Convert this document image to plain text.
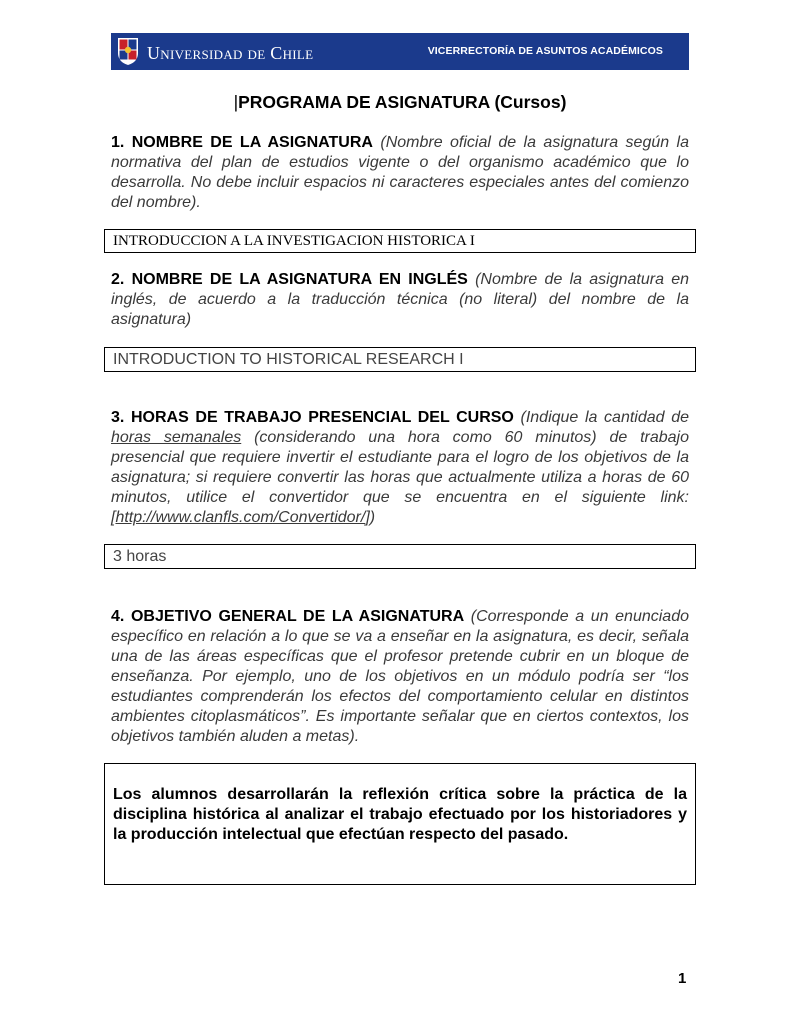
Universidad de Chile	VICERRECTORÍA DE ASUNTOS ACADÉMICOS
|PROGRAMA DE ASIGNATURA (Cursos)
1. NOMBRE DE LA ASIGNATURA (Nombre oficial de la asignatura según la normativa del plan de estudios vigente o del organismo académico que lo desarrolla. No debe incluir espacios ni caracteres especiales antes del comienzo del nombre).
INTRODUCCION A LA INVESTIGACION HISTORICA I
2. NOMBRE DE LA ASIGNATURA EN INGLÉS (Nombre de la asignatura en inglés, de acuerdo a la traducción técnica (no literal) del nombre de la asignatura)
INTRODUCTION TO HISTORICAL RESEARCH I
3. HORAS DE TRABAJO PRESENCIAL DEL CURSO (Indique la cantidad de horas semanales (considerando una hora como 60 minutos) de trabajo presencial que requiere invertir el estudiante para el logro de los objetivos de la asignatura; si requiere convertir las horas que actualmente utiliza a horas de 60 minutos, utilice el convertidor que se encuentra en el siguiente link: [http://www.clanfls.com/Convertidor/])
3 horas
4. OBJETIVO GENERAL DE LA ASIGNATURA (Corresponde a un enunciado específico en relación a lo que se va a enseñar en la asignatura, es decir, señala una de las áreas específicas que el profesor pretende cubrir en un bloque de enseñanza. Por ejemplo, uno de los objetivos en un módulo podría ser “los estudiantes comprenderán los efectos del comportamiento celular en distintos ambientes citoplasmáticos”. Es importante señalar que en ciertos contextos, los objetivos también aluden a metas).
Los alumnos desarrollarán la reflexión crítica sobre la práctica de la disciplina histórica al analizar el trabajo efectuado por los historiadores y la producción intelectual que efectúan respecto del pasado.
1
